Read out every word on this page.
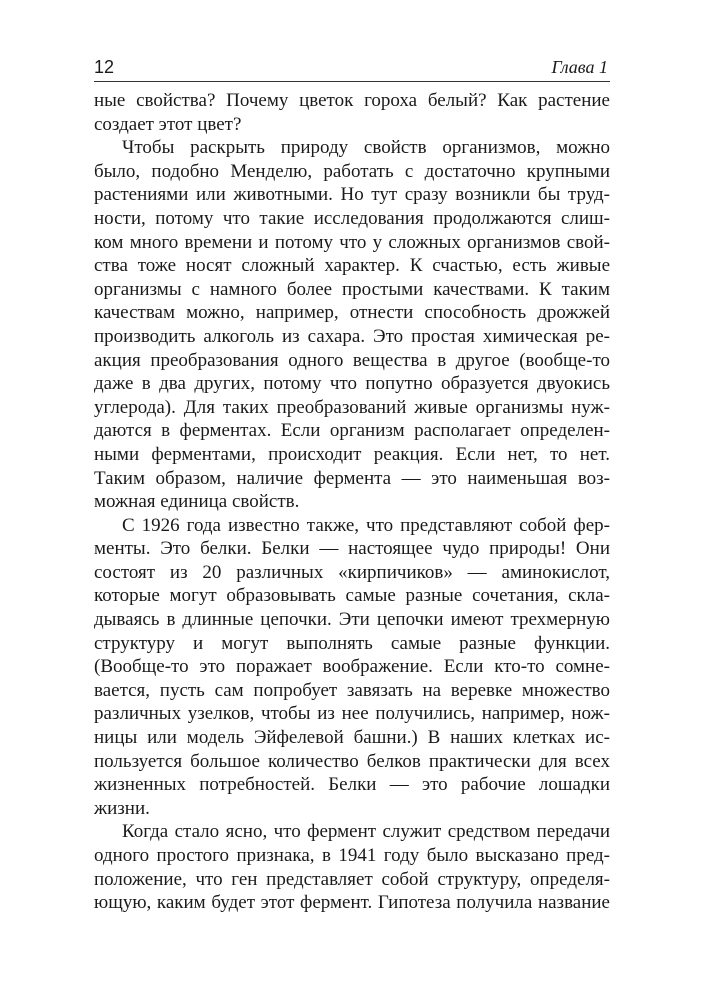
12	Глава 1
ные свойства? Почему цветок гороха белый? Как растение
создает этот цвет?
Чтобы раскрыть природу свойств организмов, можно
было, подобно Менделю, работать с достаточно крупными
растениями или животными. Но тут сразу возникли бы труд-
ности, потому что такие исследования продолжаются слиш-
ком много времени и потому что у сложных организмов свой-
ства тоже носят сложный характер. К счастью, есть живые
организмы с намного более простыми качествами. К таким
качествам можно, например, отнести способность дрожжей
производить алкоголь из сахара. Это простая химическая ре-
акция преобразования одного вещества в другое (вообще-то
даже в два других, потому что попутно образуется двуокись
углерода). Для таких преобразований живые организмы нуж-
даются в ферментах. Если организм располагает определен-
ными ферментами, происходит реакция. Если нет, то нет.
Таким образом, наличие фермента — это наименьшая воз-
можная единица свойств.
С 1926 года известно также, что представляют собой фер-
менты. Это белки. Белки — настоящее чудо природы! Они
состоят из 20 различных «кирпичиков» — аминокислот,
которые могут образовывать самые разные сочетания, скла-
дываясь в длинные цепочки. Эти цепочки имеют трехмерную
структуру и могут выполнять самые разные функции.
(Вообще-то это поражает воображение. Если кто-то сомне-
вается, пусть сам попробует завязать на веревке множество
различных узелков, чтобы из нее получились, например, нож-
ницы или модель Эйфелевой башни.) В наших клетках ис-
пользуется большое количество белков практически для всех
жизненных потребностей. Белки — это рабочие лошадки
жизни.
Когда стало ясно, что фермент служит средством передачи
одного простого признака, в 1941 году было высказано пред-
положение, что ген представляет собой структуру, определя-
ющую, каким будет этот фермент. Гипотеза получила название
